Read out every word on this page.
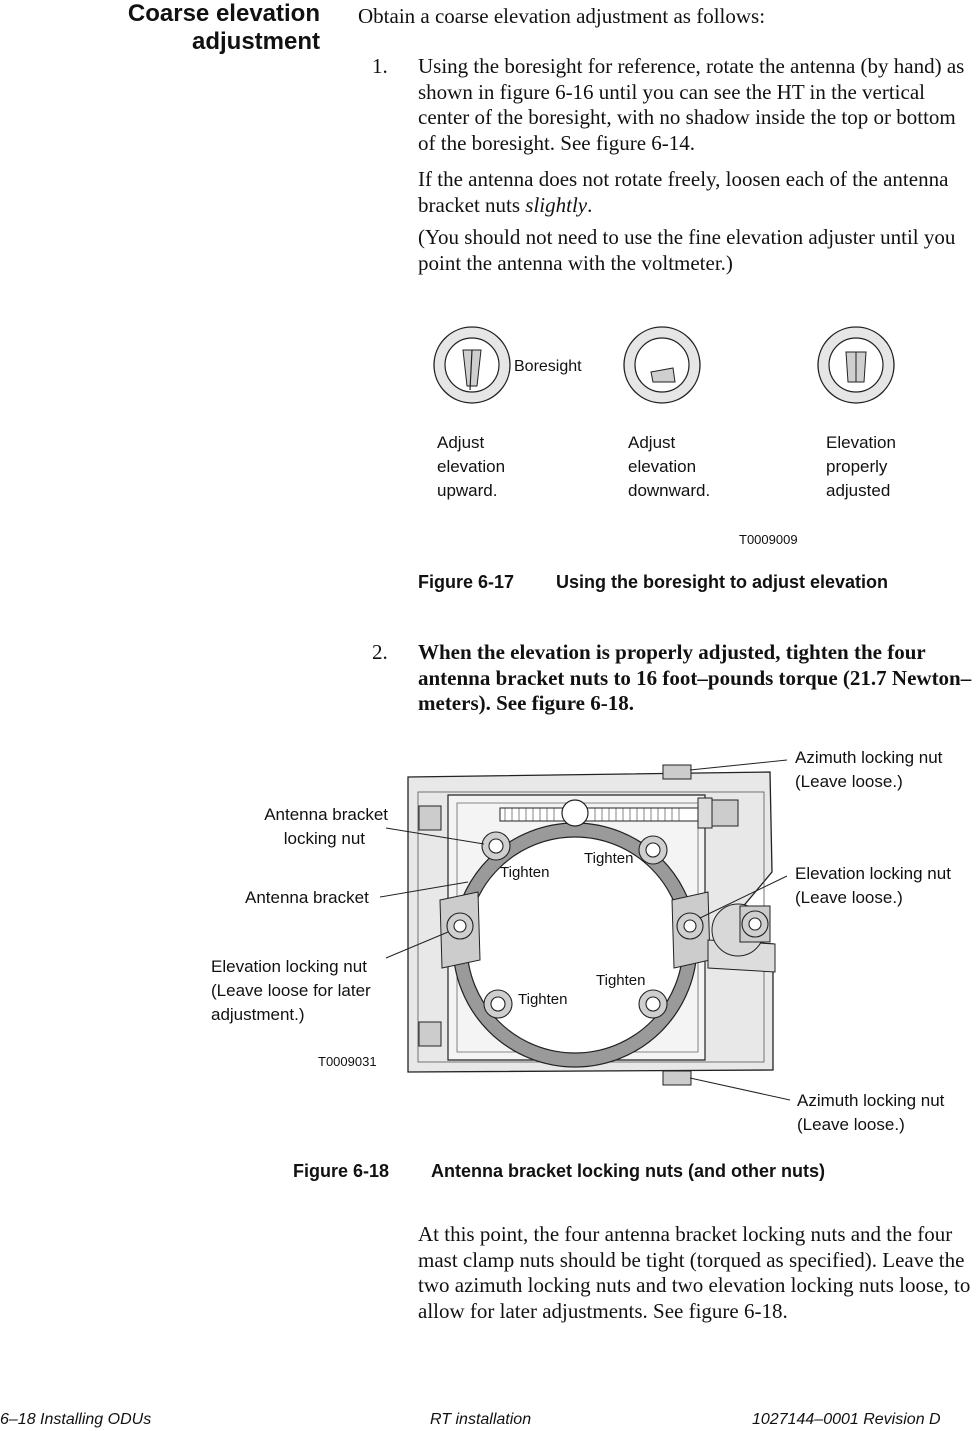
Coarse elevation adjustment
Obtain a coarse elevation adjustment as follows:
1. Using the boresight for reference, rotate the antenna (by hand) as shown in figure 6-16 until you can see the HT in the vertical center of the boresight, with no shadow inside the top or bottom of the boresight. See figure 6-14.
If the antenna does not rotate freely, loosen each of the antenna bracket nuts slightly.
(You should not need to use the fine elevation adjuster until you point the antenna with the voltmeter.)
Boresight
Adjust elevation upward.
Adjust elevation downward.
Elevation properly adjusted
T0009009
Figure 6-17 Using the boresight to adjust elevation
2. When the elevation is properly adjusted, tighten the four antenna bracket nuts to 16 foot–pounds torque (21.7 Newton–meters). See figure 6-18.
Azimuth locking nut
(Leave loose.)
Antenna bracket
locking nut
Antenna bracket
Elevation locking nut
(Leave loose.)
Elevation locking nut
(Leave loose for later
adjustment.)
T0009031
Azimuth locking nut
(Leave loose.)
Tighten
Tighten
Tighten
Tighten
Figure 6-18 Antenna bracket locking nuts (and other nuts)
At this point, the four antenna bracket locking nuts and the four mast clamp nuts should be tight (torqued as specified). Leave the two azimuth locking nuts and two elevation locking nuts loose, to allow for later adjustments. See figure 6-18.
6–18 Installing ODUs	RT installation	1027144–0001 Revision D
